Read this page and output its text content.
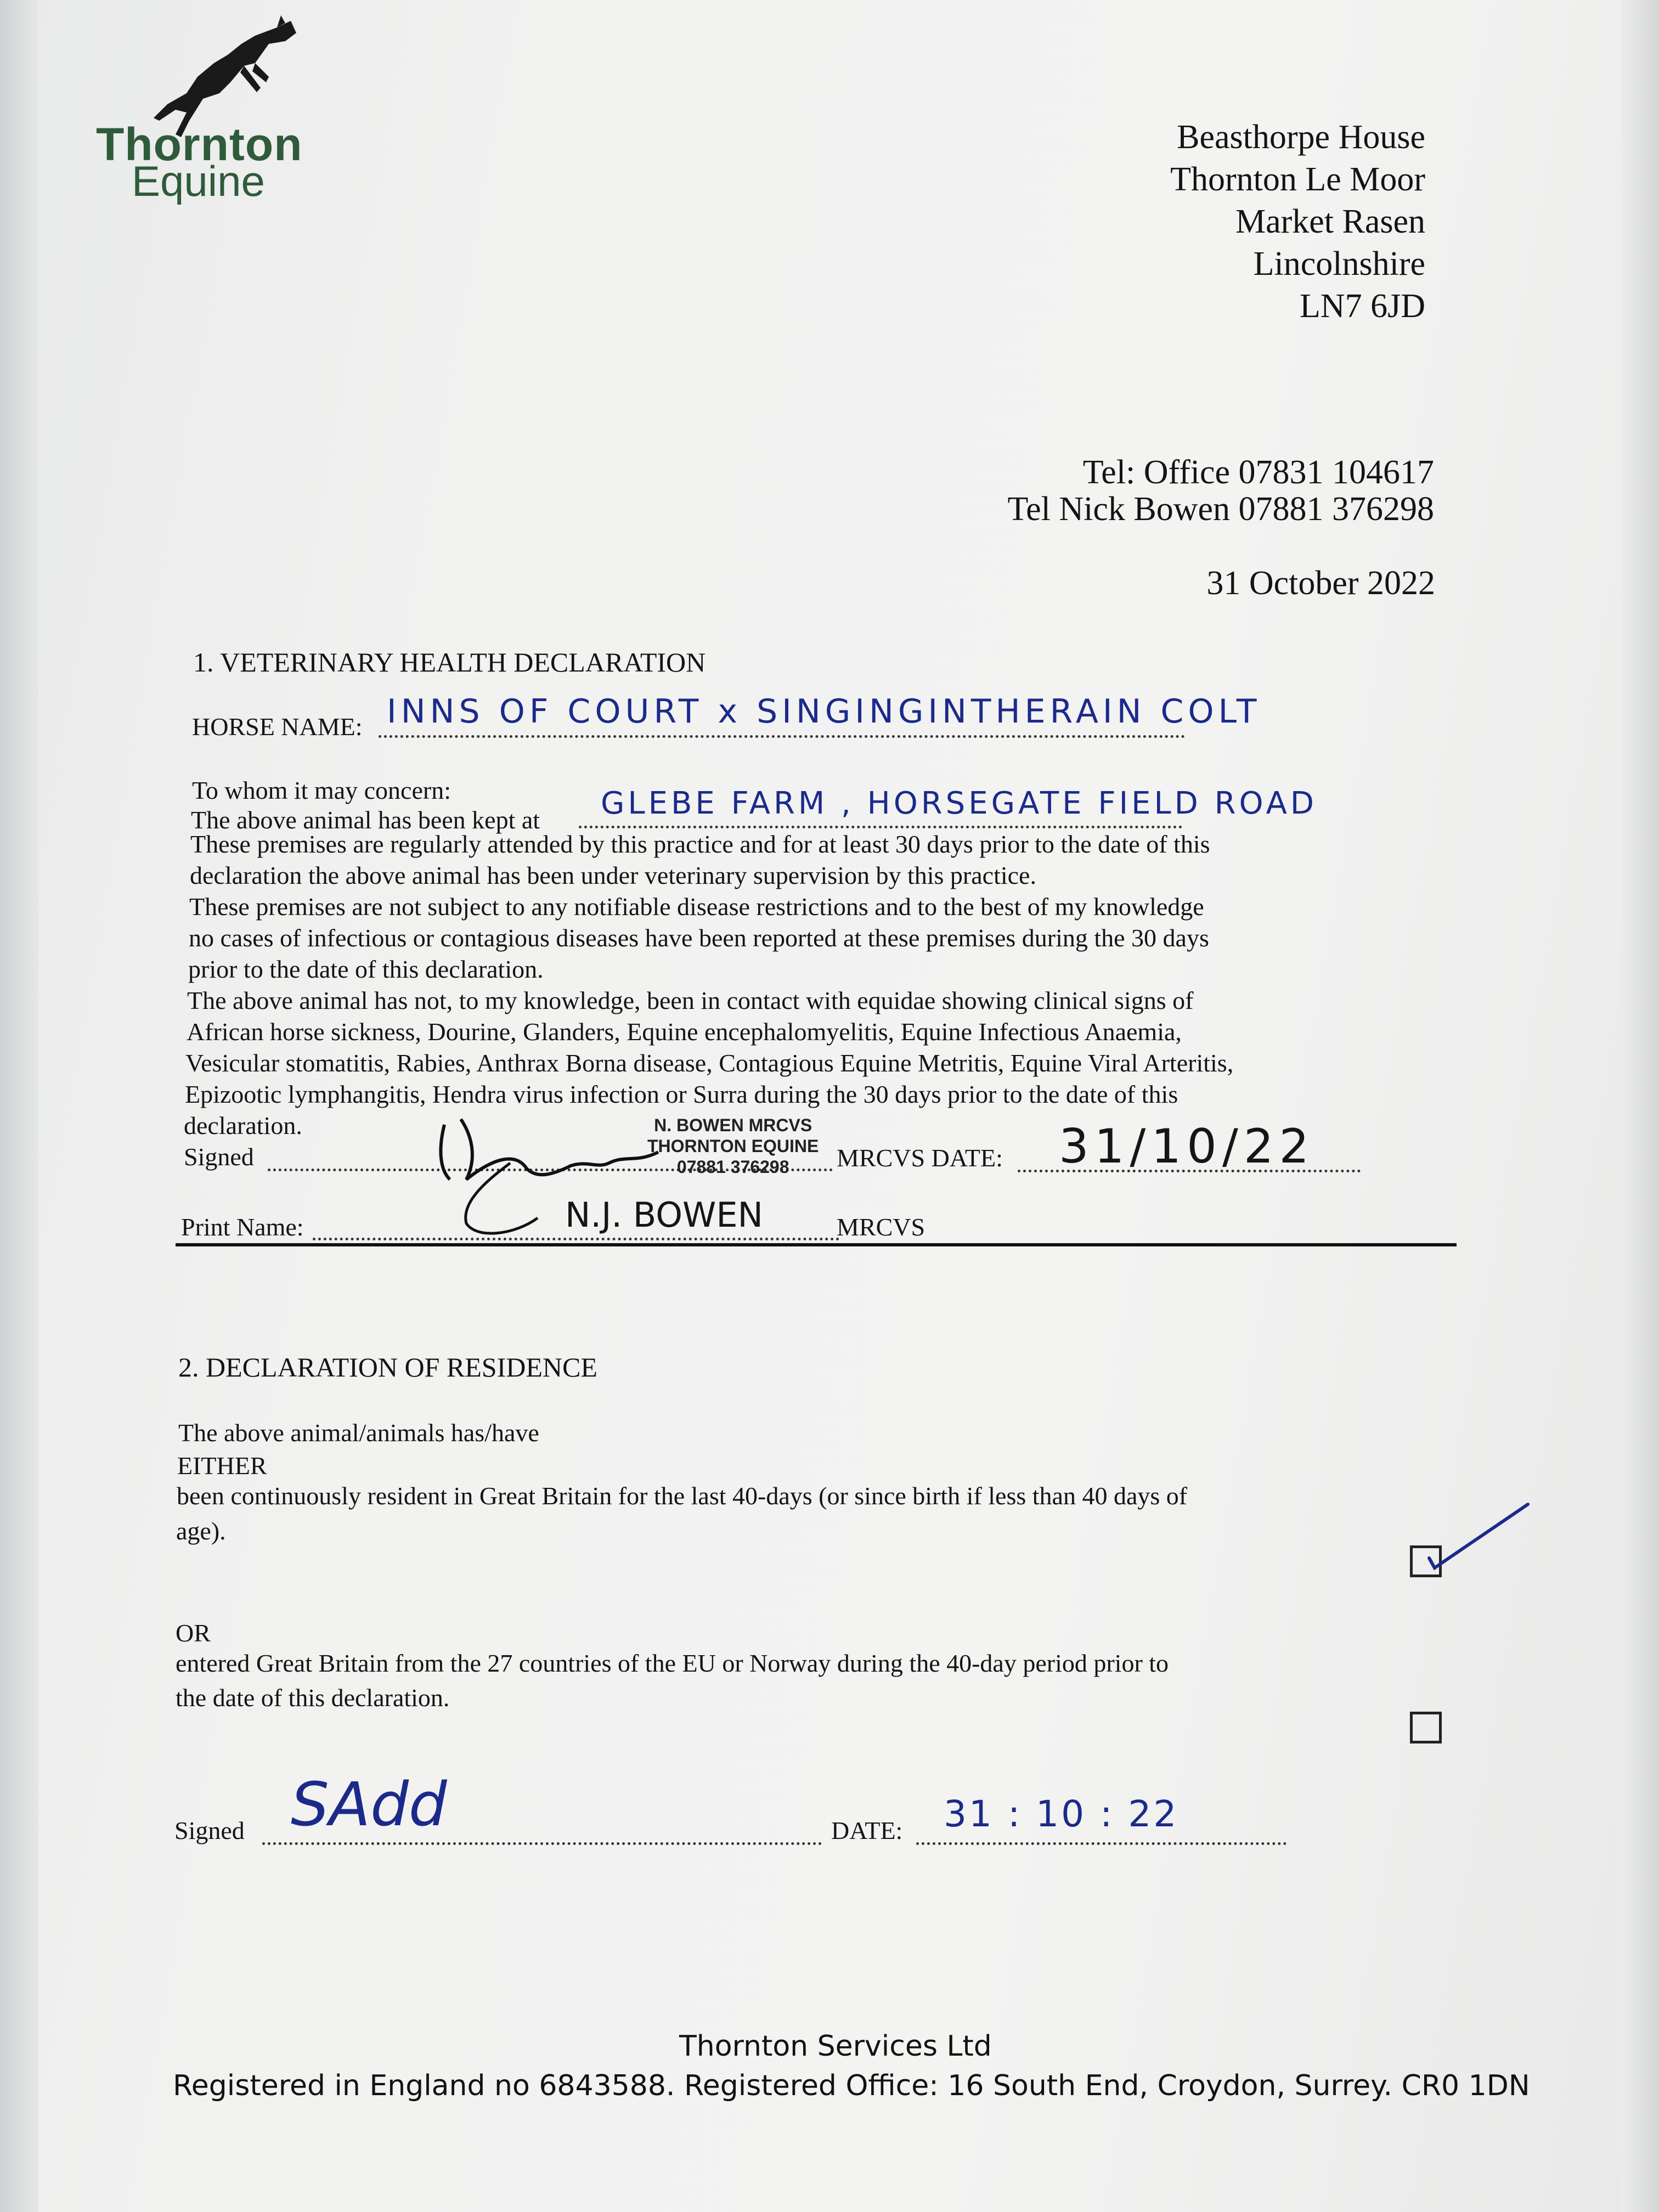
Thornton
Equine
Beasthorpe House
Thornton Le Moor
Market Rasen
Lincolnshire
LN7 6JD
Tel: Office 07831 104617
Tel Nick Bowen 07881 376298
31 October 2022
1. VETERINARY HEALTH DECLARATION
HORSE NAME: INNS OF COURT x SINGINGINTHERAIN COLT
To whom it may concern:
The above animal has been kept at GLEBE FARM , HORSEGATE FIELD ROAD
These premises are regularly attended by this practice and for at least 30 days prior to the date of this
declaration the above animal has been under veterinary supervision by this practice.
These premises are not subject to any notifiable disease restrictions and to the best of my knowledge
no cases of infectious or contagious diseases have been reported at these premises during the 30 days
prior to the date of this declaration.
The above animal has not, to my knowledge, been in contact with equidae showing clinical signs of
African horse sickness, Dourine, Glanders, Equine encephalomyelitis, Equine Infectious Anaemia,
Vesicular stomatitis, Rabies, Anthrax Borna disease, Contagious Equine Metritis, Equine Viral Arteritis,
Epizootic lymphangitis, Hendra virus infection or Surra during the 30 days prior to the date of this
declaration.
Signed
N. BOWEN MRCVS
THORNTON EQUINE
07881 376298	MRCVS DATE: 31/10/22
Print Name:	N.J. BOWEN	MRCVS
2. DECLARATION OF RESIDENCE
The above animal/animals has/have
EITHER
been continuously resident in Great Britain for the last 40-days (or since birth if less than 40 days of
age).
OR
entered Great Britain from the 27 countries of the EU or Norway during the 40-day period prior to
the date of this declaration.
Signed SAdd	DATE: 31 : 10 : 22
Thornton Services Ltd
Registered in England no 6843588. Registered Office: 16 South End, Croydon, Surrey. CR0 1DN
